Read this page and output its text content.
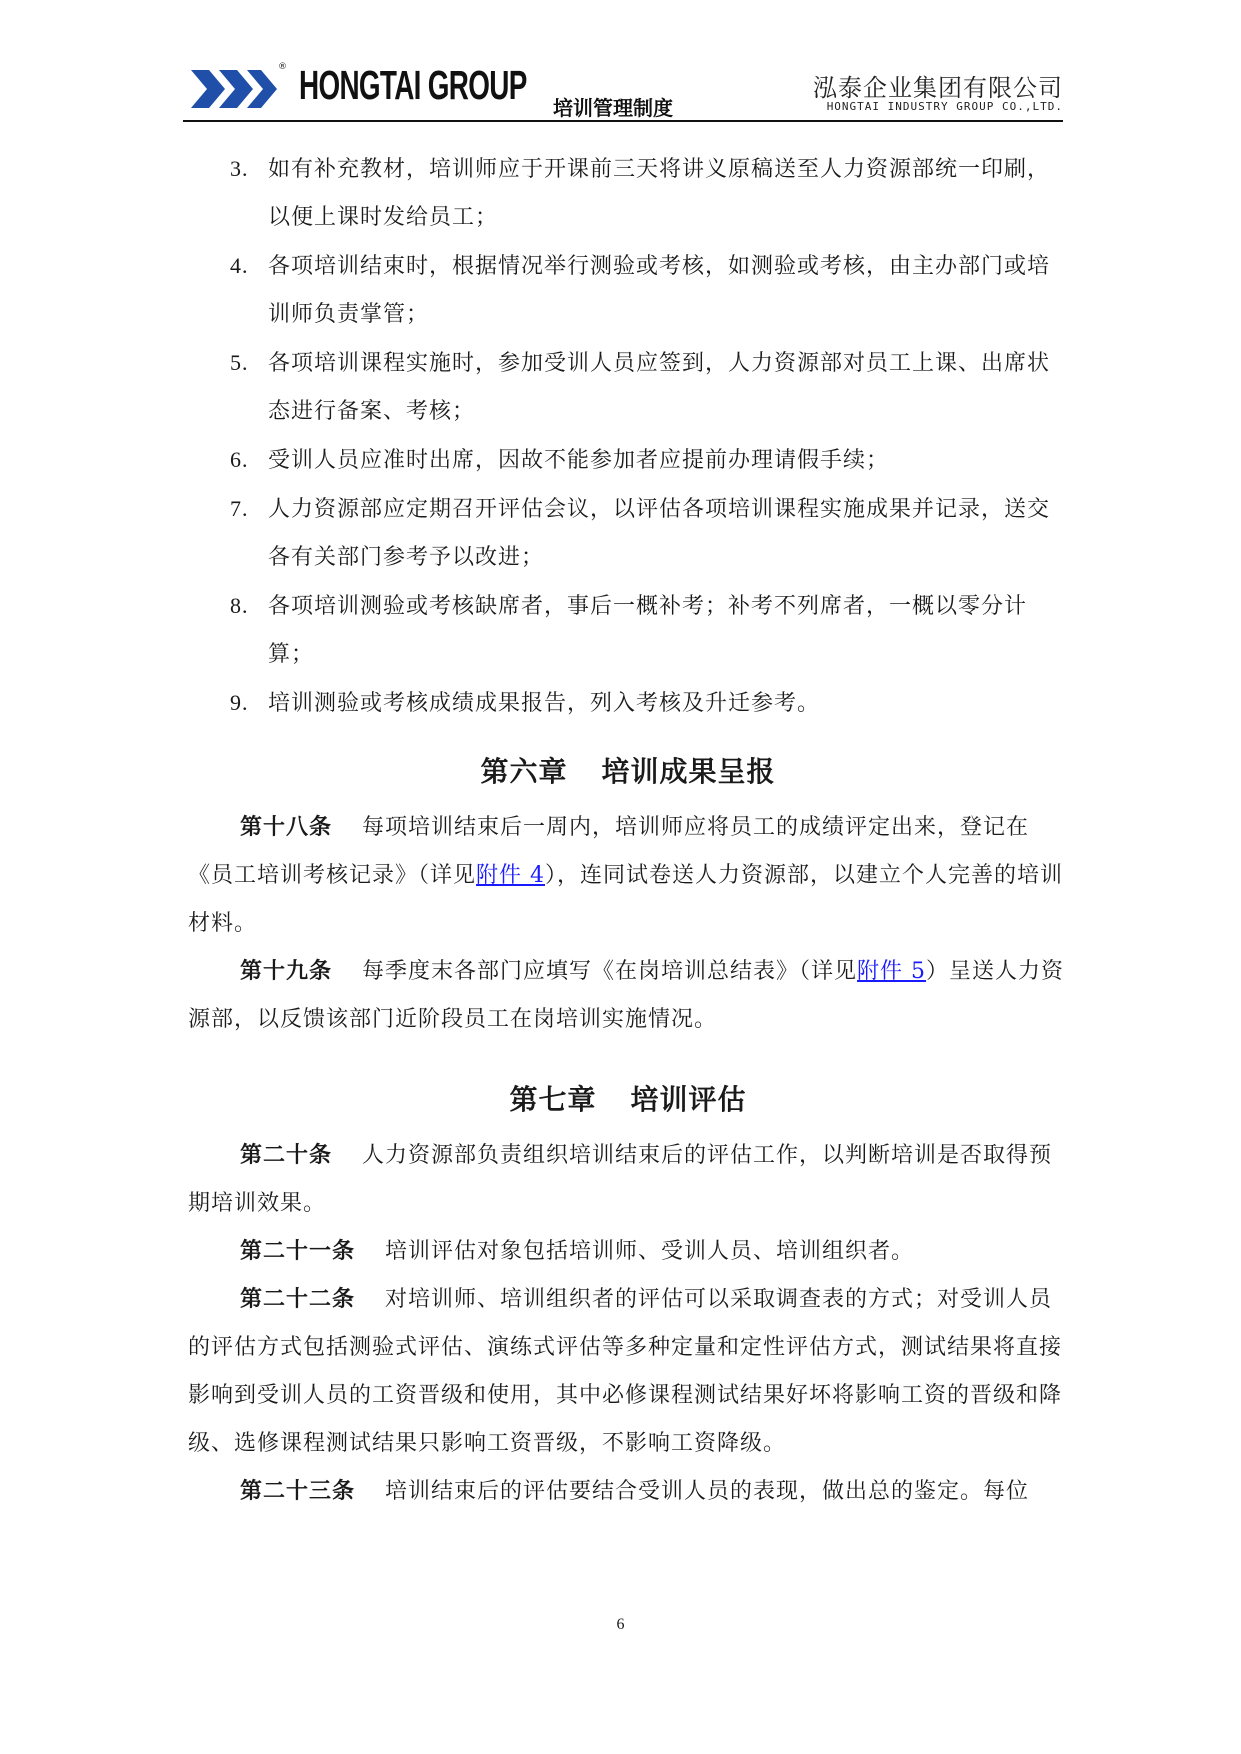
® HONGTAI GROUP 培训管理制度
泓泰企业集团有限公司
HONGTAI INDUSTRY GROUP CO.,LTD.

3. 如有补充教材，培训师应于开课前三天将讲义原稿送至人力资源部统一印刷，以便上课时发给员工；

4. 各项培训结束时，根据情况举行测验或考核，如测验或考核，由主办部门或培训师负责掌管；

5. 各项培训课程实施时，参加受训人员应签到，人力资源部对员工上课、出席状态进行备案、考核；

6. 受训人员应准时出席，因故不能参加者应提前办理请假手续；

7. 人力资源部应定期召开评估会议，以评估各项培训课程实施成果并记录，送交各有关部门参考予以改进；

8. 各项培训测验或考核缺席者，事后一概补考；补考不列席者，一概以零分计算；

9. 培训测验或考核成绩成果报告，列入考核及升迁参考。

第六章 培训成果呈报

第十八条 每项培训结束后一周内，培训师应将员工的成绩评定出来，登记在《员工培训考核记录》（详见附件 4），连同试卷送人力资源部，以建立个人完善的培训材料。

第十九条 每季度末各部门应填写《在岗培训总结表》（详见附件 5）呈送人力资源部，以反馈该部门近阶段员工在岗培训实施情况。

第七章 培训评估

第二十条 人力资源部负责组织培训结束后的评估工作，以判断培训是否取得预期培训效果。

第二十一条 培训评估对象包括培训师、受训人员、培训组织者。

第二十二条 对培训师、培训组织者的评估可以采取调查表的方式；对受训人员的评估方式包括测验式评估、演练式评估等多种定量和定性评估方式，测试结果将直接影响到受训人员的工资晋级和使用，其中必修课程测试结果好坏将影响工资的晋级和降级、选修课程测试结果只影响工资晋级，不影响工资降级。

第二十三条 培训结束后的评估要结合受训人员的表现，做出总的鉴定。每位

6
